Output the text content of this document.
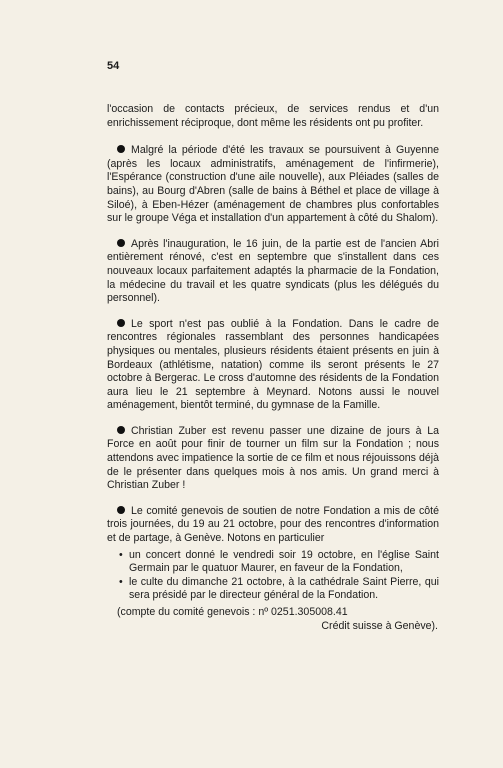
54

l'occasion de contacts précieux, de services rendus et d'un enrichissement réciproque, dont même les résidents ont pu profiter.

Malgré la période d'été les travaux se poursuivent à Guyenne (après les locaux administratifs, aménagement de l'infirmerie), l'Espérance (construction d'une aile nouvelle), aux Pléiades (salles de bains), au Bourg d'Abren (salle de bains à Béthel et place de village à Siloé), à Eben-Hézer (aménagement de chambres plus confortables sur le groupe Véga et installation d'un appartement à côté du Shalom).

Après l'inauguration, le 16 juin, de la partie est de l'ancien Abri entièrement rénové, c'est en septembre que s'installent dans ces nouveaux locaux parfaitement adaptés la pharmacie de la Fondation, la médecine du travail et les quatre syndicats (plus les délégués du personnel).

Le sport n'est pas oublié à la Fondation. Dans le cadre de rencontres régionales rassemblant des personnes handicapées physiques ou mentales, plusieurs résidents étaient présents en juin à Bordeaux (athlétisme, natation) comme ils seront présents le 27 octobre à Bergerac. Le cross d'automne des résidents de la Fondation aura lieu le 21 septembre à Meynard. Notons aussi le nouvel aménagement, bientôt terminé, du gymnase de la Famille.

Christian Zuber est revenu passer une dizaine de jours à La Force en août pour finir de tourner un film sur la Fondation ; nous attendons avec impatience la sortie de ce film et nous réjouissons déjà de le présenter dans quelques mois à nos amis. Un grand merci à Christian Zuber !

Le comité genevois de soutien de notre Fondation a mis de côté trois journées, du 19 au 21 octobre, pour des rencontres d'information et de partage, à Genève. Notons en particulier

• un concert donné le vendredi soir 19 octobre, en l'église Saint Germain par le quatuor Maurer, en faveur de la Fondation,
• le culte du dimanche 21 octobre, à la cathédrale Saint Pierre, qui sera présidé par le directeur général de la Fondation.
(compte du comité genevois : nº 0251.305008.41
Crédit suisse à Genève).
